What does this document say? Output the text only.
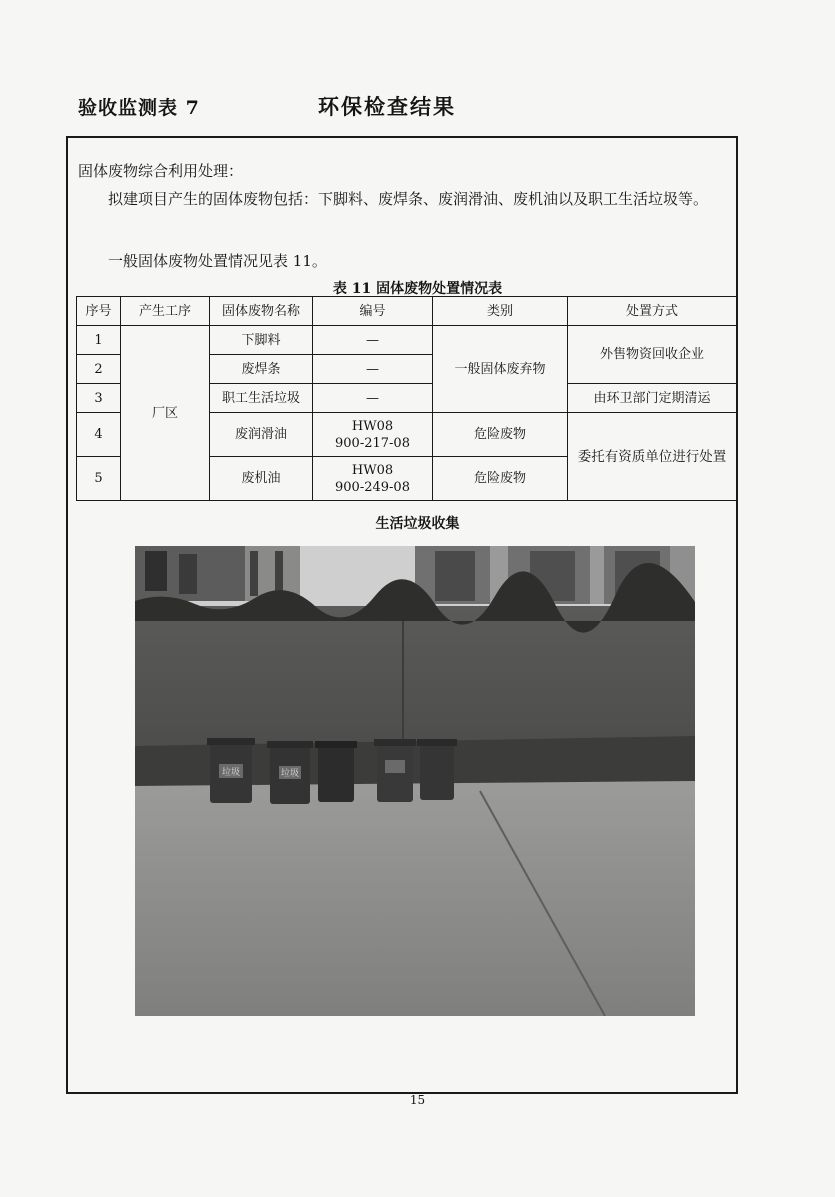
验收监测表 7	环保检查结果
固体废物综合利用处理：
拟建项目产生的固体废物包括：下脚料、废焊条、废润滑油、废机油以及职工生活垃圾等。
一般固体废物处置情况见表 11。
表 11 固体废物处置情况表
序号	产生工序	固体废物名称	编号	类别	处置方式
1	厂区	下脚料	—	一般固体废弃物	外售物资回收企业
2		废焊条	—		
3		职工生活垃圾	—		由环卫部门定期清运
4		废润滑油	HW08
900-217-08	危险废物	委托有资质单位进行处置
5		废机油	HW08
900-249-08	危险废物	
生活垃圾收集
垃圾	垃圾
15
